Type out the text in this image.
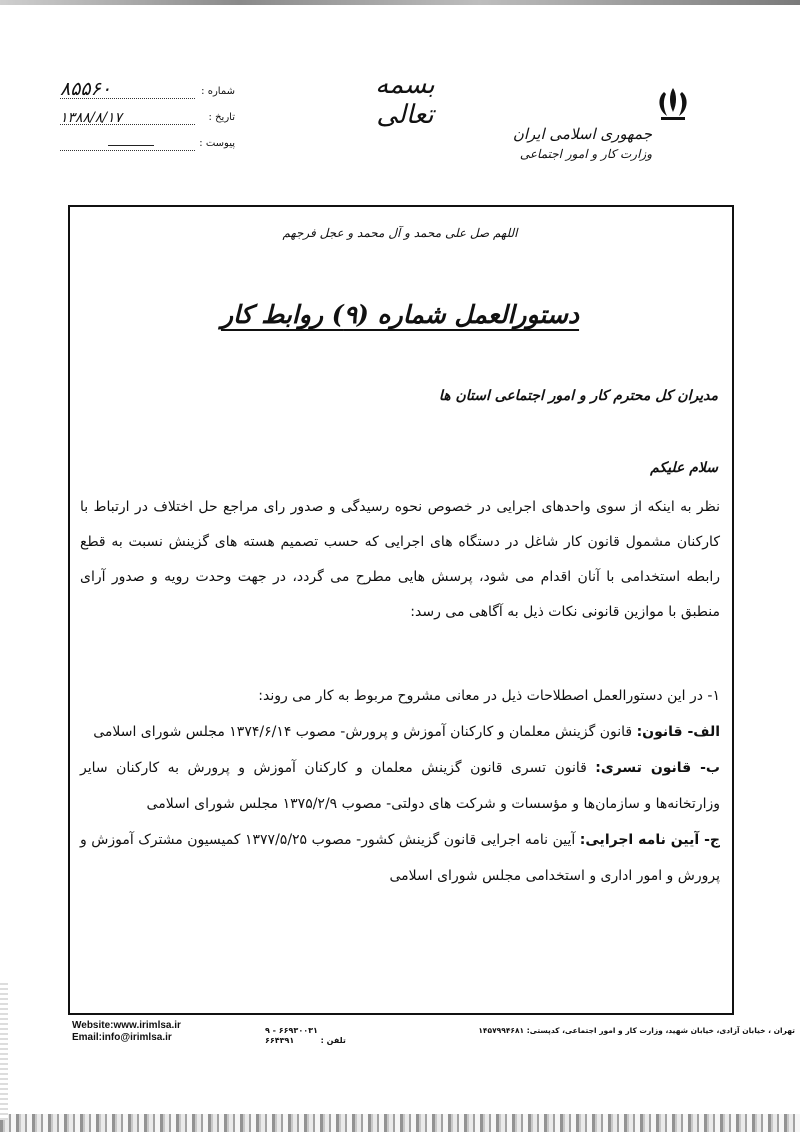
بسمه تعالی
جمهوری اسلامی ایران
وزارت کار و امور اجتماعی
شماره :
۸۵۵۶۰
تاریخ :
۱۳۸۸/۸/۱۷
پیوست :
اللهم صل علی محمد و آل محمد و عجل فرجهم
دستورالعمل شماره (۹) روابط کار
مدیران کل محترم کار و امور اجتماعی استان ها
سلام علیکم

نظر به اینکه از سوی واحدهای اجرایی در خصوص نحوه رسیدگی و صدور رای مراجع حل اختلاف در ارتباط با کارکنان مشمول قانون کار شاغل در دستگاه های اجرایی که حسب تصمیم هسته های گزینش نسبت به قطع رابطه استخدامی با آنان اقدام می شود، پرسش هایی مطرح می گردد، در جهت وحدت رویه و صدور آرای منطبق با موازین قانونی نکات ذیل به آگاهی می رسد:

۱- در این دستورالعمل اصطلاحات ذیل در معانی مشروح مربوط به کار می روند:

الف- قانون: قانون گزینش معلمان و کارکنان آموزش و پرورش- مصوب ۱۳۷۴/۶/۱۴ مجلس شورای اسلامی

ب- قانون تسری: قانون تسری قانون گزینش معلمان و کارکنان آموزش و پرورش به کارکنان سایر وزارتخانه‌ها و سازمان‌ها و مؤسسات و شرکت های دولتی- مصوب ۱۳۷۵/۲/۹ مجلس شورای اسلامی

ج- آیین نامه اجرایی: آیین نامه اجرایی قانون گزینش کشور- مصوب ۱۳۷۷/۵/۲۵ کمیسیون مشترک آموزش و پرورش و امور اداری و استخدامی مجلس شورای اسلامی

Website:www.irimlsa.ir
Email:info@irimlsa.ir	تلفن : ۶۶۹۳۰۰۳۱ - ۹
۶۶۴۳۹۱
تهران ، خیابان آزادی، خیابان شهید، وزارت کار و امور اجتماعی، کدپستی: ۱۴۵۷۹۹۴۶۸۱
